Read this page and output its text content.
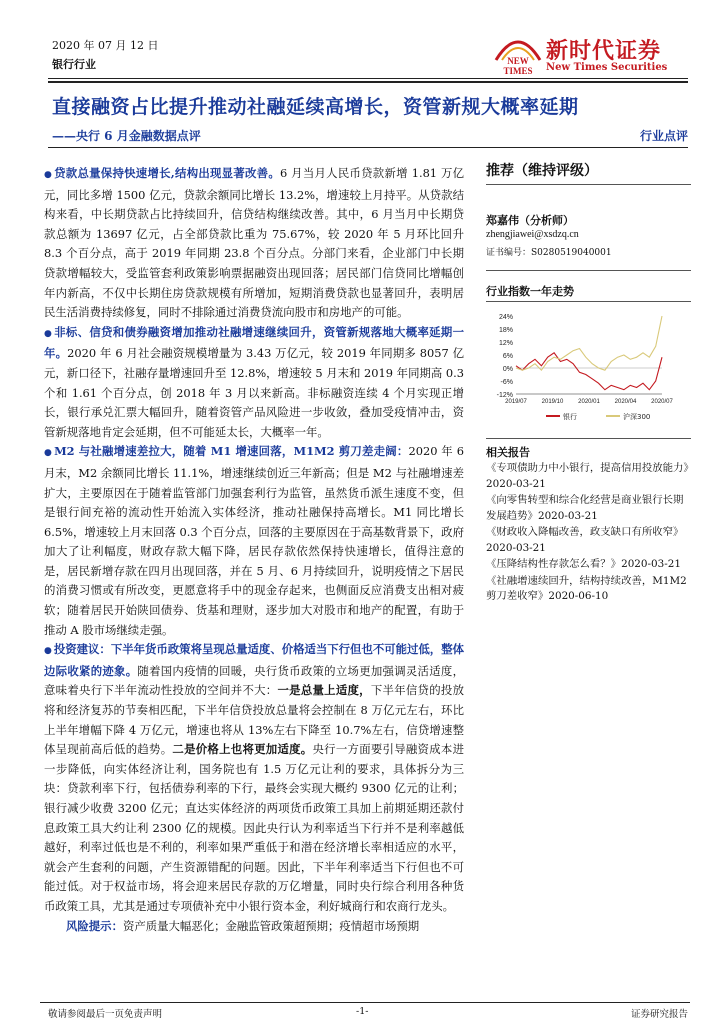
2020 年 07 月 12 日
银行行业	NEW
TIMES
新时代证券
New Times Securities
直接融资占比提升推动社融延续高增长，资管新规大概率延期
——央行 6 月金融数据点评	行业点评

● 贷款总量保持快速增长,结构出现显著改善。6 月当月人民币贷款新增 1.81 万亿元，同比多增 1500 亿元，贷款余额同比增长 13.2%，增速较上月持平。从贷款结构来看，中长期贷款占比持续回升，信贷结构继续改善。其中，6 月当月中长期贷款总额为 13697 亿元，占全部贷款比重为 75.67%，较 2020 年 5 月环比回升 8.3 个百分点，高于 2019 年同期 23.8 个百分点。分部门来看，企业部门中长期贷款增幅较大，受监管套利政策影响票据融资出现回落；居民部门信贷同比增幅创年内新高，不仅中长期住房贷款规模有所增加，短期消费贷款也显著回升，表明居民生活消费持续修复，同时不排除通过消费贷流向股市和房地产的可能。

● 非标、信贷和债券融资增加推动社融增速继续回升，资管新规落地大概率延期一年。2020 年 6 月社会融资规模增量为 3.43 万亿元，较 2019 年同期多 8057 亿元，新口径下，社融存量增速回升至 12.8%，增速较 5 月末和 2019 年同期高 0.3 个和 1.61 个百分点，创 2018 年 3 月以来新高。非标融资连续 4 个月实现正增长，银行承兑汇票大幅回升，随着资管产品风险进一步收敛，叠加受疫情冲击，资管新规落地肯定会延期，但不可能延太长，大概率一年。

● M2 与社融增速差拉大，随着 M1 增速回落，M1M2 剪刀差走阔：2020 年 6 月末，M2 余额同比增长 11.1%，增速继续创近三年新高；但是 M2 与社融增速差扩大，主要原因在于随着监管部门加强套利行为监管，虽然货币派生速度不变，但是银行间充裕的流动性开始流入实体经济，推动社融保持高增长。M1 同比增长 6.5%，增速较上月末回落 0.3 个百分点，回落的主要原因在于高基数背景下，政府加大了让利幅度，财政存款大幅下降，居民存款依然保持快速增长，值得注意的是，居民新增存款在四月出现回落，并在 5 月、6 月持续回升，说明疫情之下居民的消费习惯或有所改变，更愿意将手中的现金存起来，也侧面反应消费支出相对疲软；随着居民开始陕回债券、货基和理财，逐步加大对股市和地产的配置，有助于推动 A 股市场继续走强。

● 投资建议：下半年货币政策将呈现总量适度、价格适当下行但也不可能过低，整体边际收紧的迹象。随着国内疫情的回暖，央行货币政策的立场更加强调灵活适度，意味着央行下半年流动性投放的空间并不大：一是总量上适度，下半年信贷的投放将和经济复苏的节奏相匹配，下半年信贷投放总量将会控制在 8 万亿元左右，环比上半年增幅下降 4 万亿元，增速也将从 13%左右下降至 10.7%左右，信贷增速整体呈现前高后低的趋势。二是价格上也将更加适度。央行一方面要引导融资成本进一步降低，向实体经济让利，国务院也有 1.5 万亿元让利的要求，具体拆分为三块：贷款利率下行，包括债券利率的下行，最终会实现大概约 9300 亿元的让利；银行减少收费 3200 亿元；直达实体经济的两项货币政策工具加上前期延期还款付息政策工具大约让利 2300 亿的规模。因此央行认为利率适当下行并不是利率越低越好，利率过低也是不利的，利率如果严重低于和潜在经济增长率相适应的水平，就会产生套利的问题，产生资源错配的问题。因此，下半年利率适当下行但也不可能过低。对于权益市场，将会迎来居民存款的万亿增量，同时央行综合利用各种货币政策工具，尤其是通过专项债补充中小银行资本金，利好城商行和农商行龙头。

风险提示：资产质量大幅恶化；金融监管政策超预期；疫情超市场预期

推荐（维持评级）
郑嘉伟（分析师）
zhengjiawei@xsdzq.cn
证书编号：S0280519040001
行业指数一年走势
24%
18%
12%
6%
0%
-6%
-12%
2019/07 2019/10 2020/01 2020/04 2020/07
银行	沪深300
相关报告
《专项债助力中小银行，提高信用投放能力》2020-03-21
《向零售转型和综合化经营是商业银行长期发展趋势》2020-03-21
《财政收入降幅改善，政支缺口有所收窄》2020-03-21
《压降结构性存款怎么看？》2020-03-21
《社融增速续回升，结构持续改善，M1M2 剪刀差收窄》2020-06-10
敬请参阅最后一页免责声明	-1-	证券研究报告
